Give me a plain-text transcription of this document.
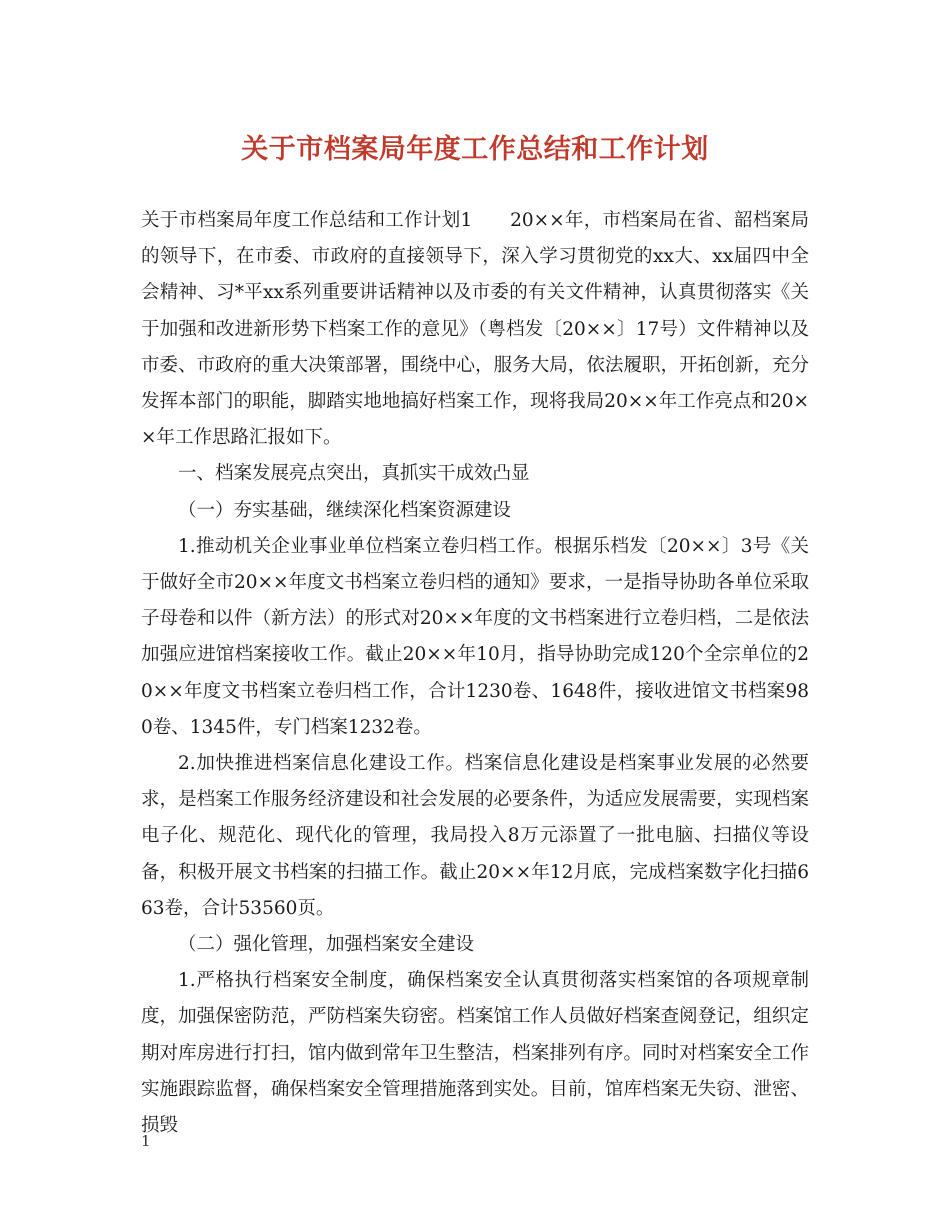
关于市档案局年度工作总结和工作计划

关于市档案局年度工作总结和工作计划1　　20××年，市档案局在省、韶档案局的领导下，在市委、市政府的直接领导下，深入学习贯彻党的xx大、xx届四中全会精神、习*平xx系列重要讲话精神以及市委的有关文件精神，认真贯彻落实《关于加强和改进新形势下档案工作的意见》（粤档发〔20××〕17号）文件精神以及市委、市政府的重大决策部署，围绕中心，服务大局，依法履职，开拓创新，充分发挥本部门的职能，脚踏实地地搞好档案工作，现将我局20××年工作亮点和20××年工作思路汇报如下。

一、档案发展亮点突出，真抓实干成效凸显

（一）夯实基础，继续深化档案资源建设

1.推动机关企业事业单位档案立卷归档工作。根据乐档发〔20××〕3号《关于做好全市20××年度文书档案立卷归档的通知》要求，一是指导协助各单位采取子母卷和以件（新方法）的形式对20××年度的文书档案进行立卷归档，二是依法加强应进馆档案接收工作。截止20××年10月，指导协助完成120个全宗单位的20××年度文书档案立卷归档工作，合计1230卷、1648件，接收进馆文书档案980卷、1345件，专门档案1232卷。

2.加快推进档案信息化建设工作。档案信息化建设是档案事业发展的必然要求，是档案工作服务经济建设和社会发展的必要条件，为适应发展需要，实现档案电子化、规范化、现代化的管理，我局投入8万元添置了一批电脑、扫描仪等设备，积极开展文书档案的扫描工作。截止20××年12月底，完成档案数字化扫描663卷，合计53560页。

（二）强化管理，加强档案安全建设

1.严格执行档案安全制度，确保档案安全认真贯彻落实档案馆的各项规章制度，加强保密防范，严防档案失窃密。档案馆工作人员做好档案查阅登记，组织定期对库房进行打扫，馆内做到常年卫生整洁，档案排列有序。同时对档案安全工作实施跟踪监督，确保档案安全管理措施落到实处。目前，馆库档案无失窃、泄密、损毁

1
